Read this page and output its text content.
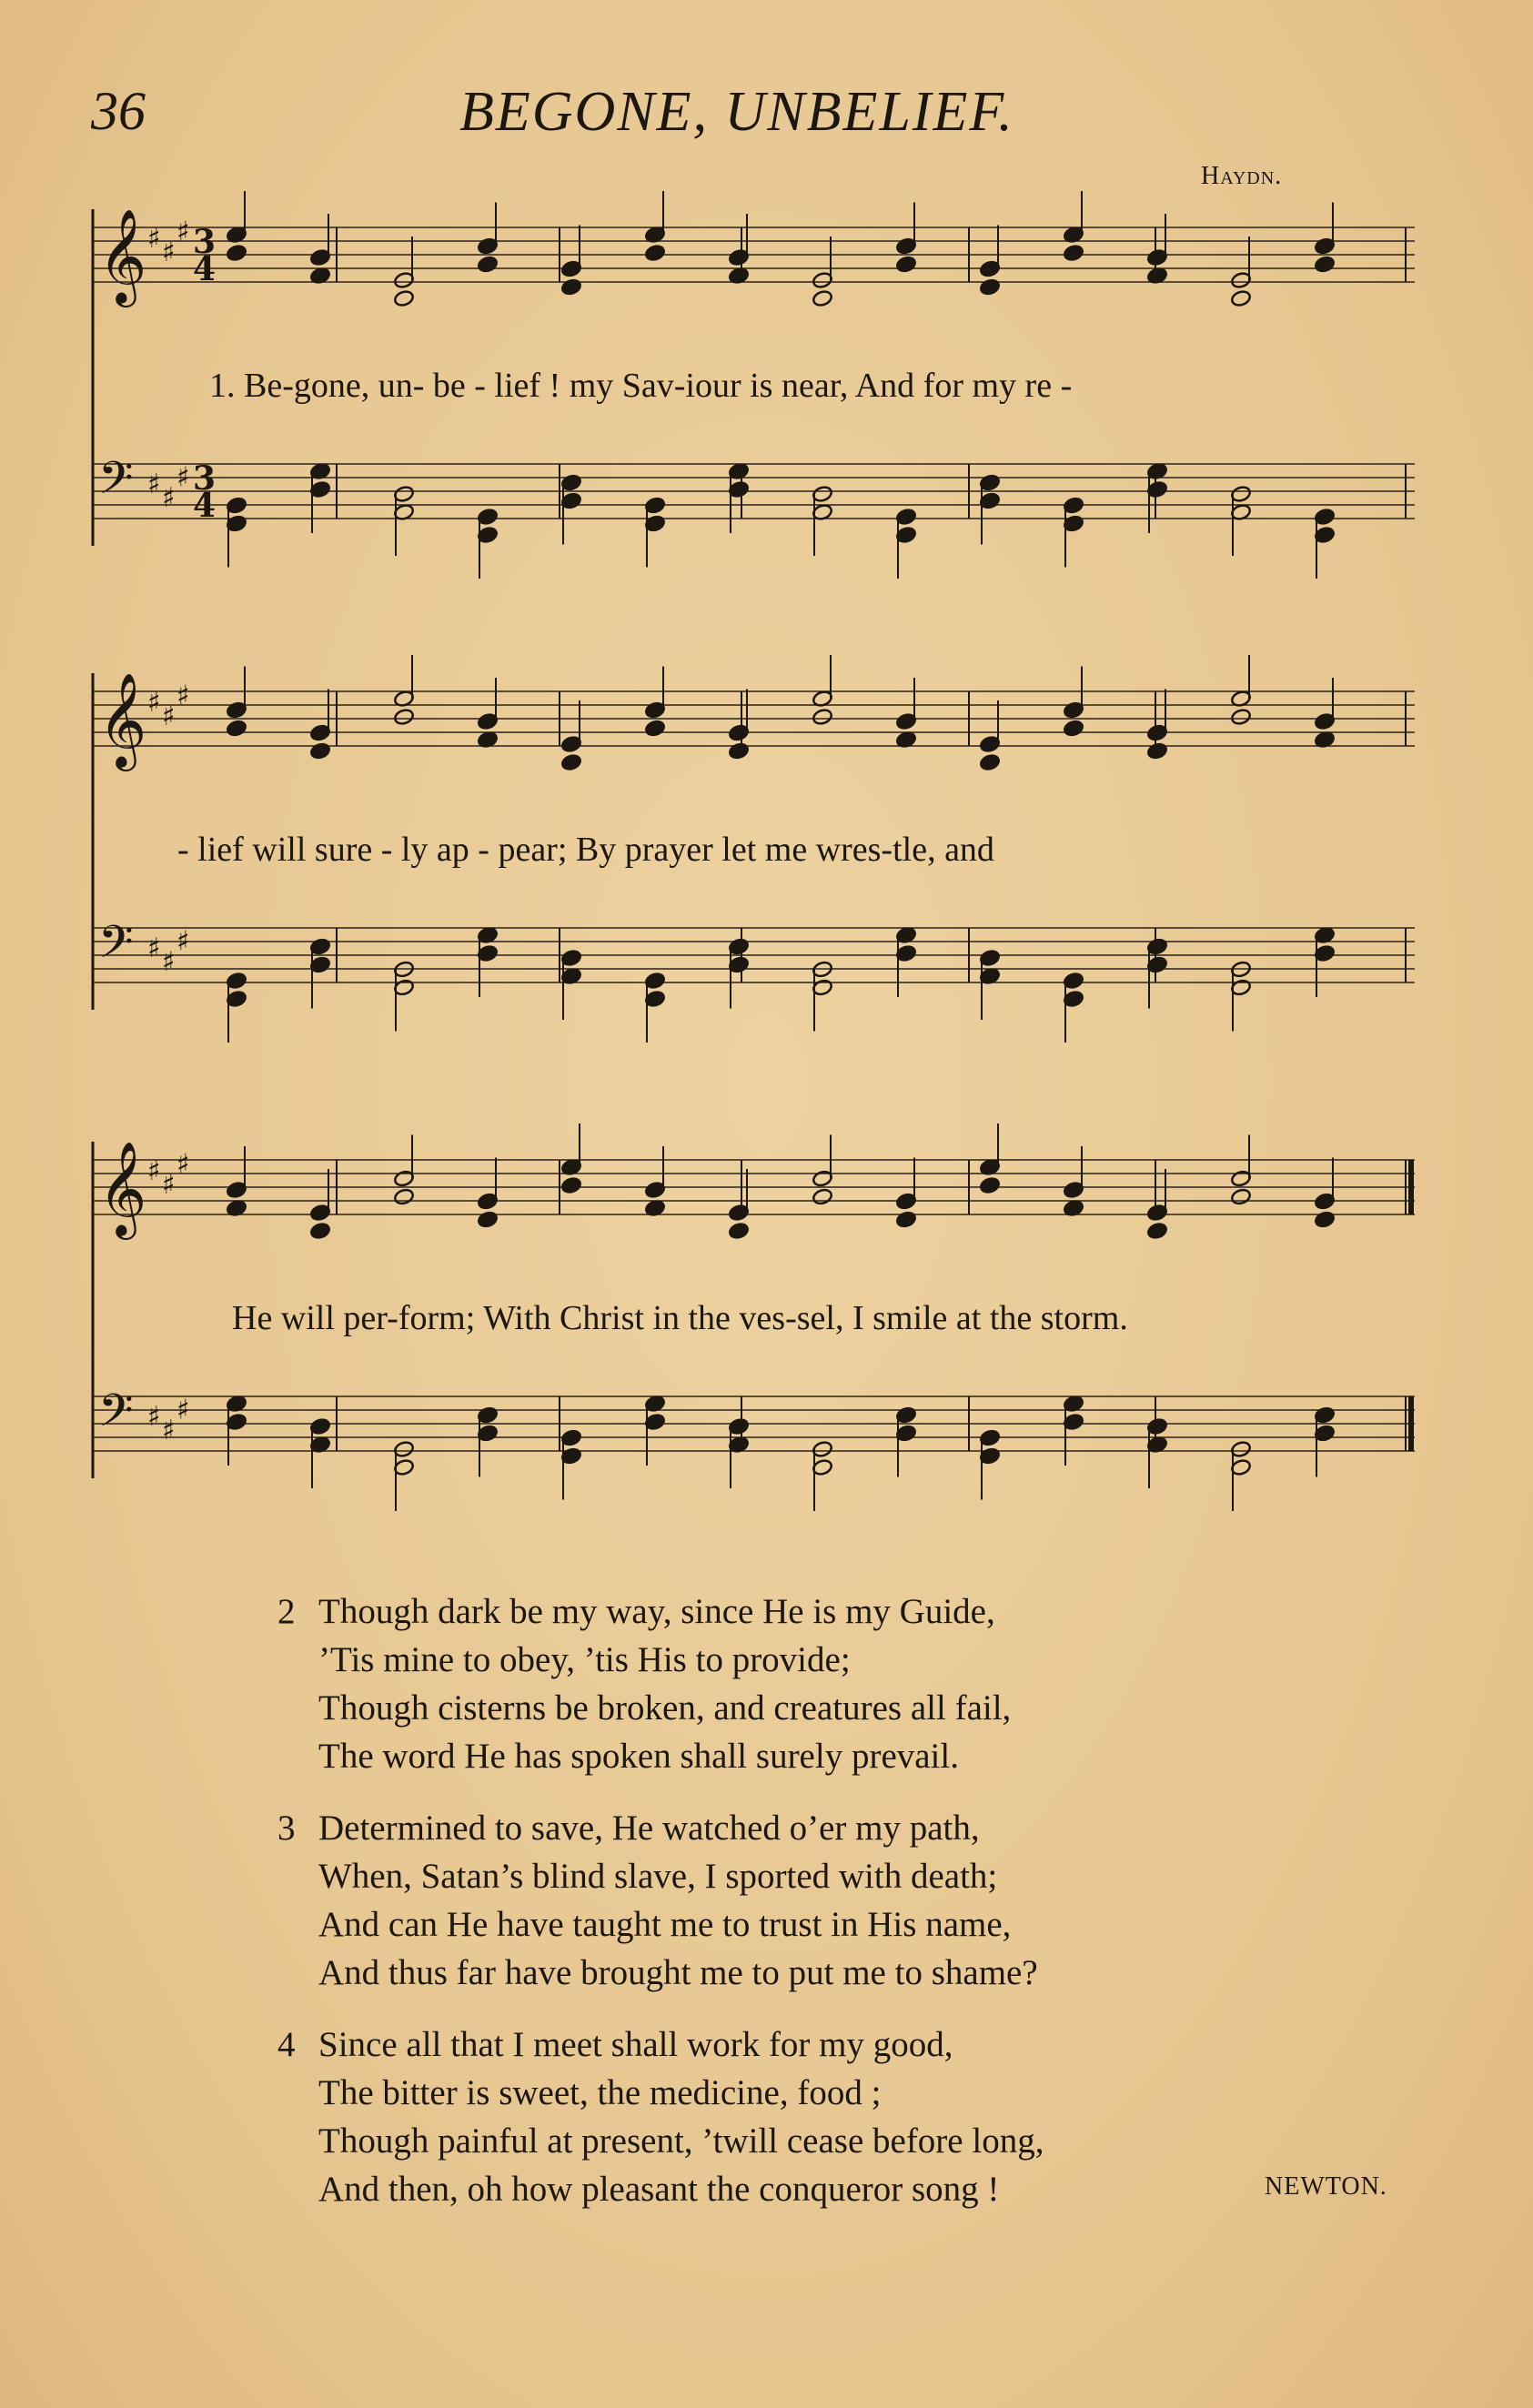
36	BEGONE, UNBELIEF.
Haydn.
𝄞 ♯ ♯
♯ 3
4
𝄢 ♯ ♯
♯ 3
4
1. Be-gone, un- be - lief ! my Sav-iour is near, And for my re -
𝄞 ♯ ♯
♯
𝄢 ♯ ♯
♯
- lief will sure - ly ap - pear; By prayer let me wres-tle, and
𝄞 ♯ ♯
♯
𝄢 ♯ ♯
♯
He will per-form; With Christ in the ves-sel, I smile at the storm.
2 Though dark be my way, since He is my Guide,
’Tis mine to obey, ’tis His to provide;
Though cisterns be broken, and creatures all fail,
The word He has spoken shall surely prevail.
3 Determined to save, He watched o’er my path,
When, Satan’s blind slave, I sported with death;
And can He have taught me to trust in His name,
And thus far have brought me to put me to shame?
4 Since all that I meet shall work for my good,
The bitter is sweet, the medicine, food ;
Though painful at present, ’twill cease before long,
And then, oh how pleasant the conqueror song !	NEWTON.
